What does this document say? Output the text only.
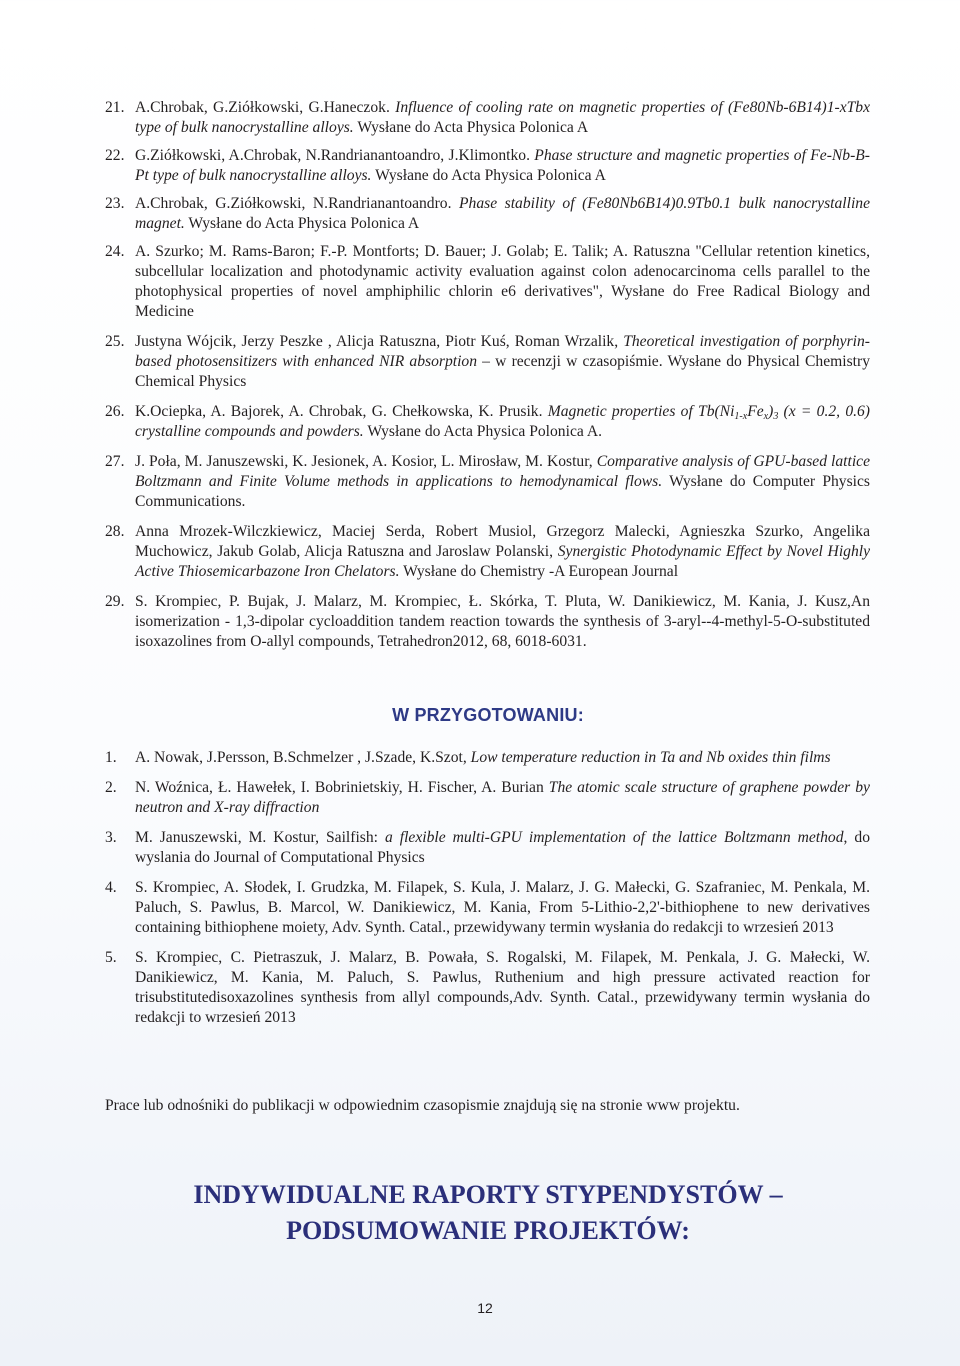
21. A.Chrobak, G.Ziółkowski, G.Haneczok. Influence of cooling rate on magnetic properties of (Fe80Nb-6B14)1-xTbx type of bulk nanocrystalline alloys. Wysłane do Acta Physica Polonica A
22. G.Ziółkowski, A.Chrobak, N.Randrianantoandro, J.Klimontko. Phase structure and magnetic properties of Fe-Nb-B-Pt type of bulk nanocrystalline alloys. Wysłane do Acta Physica Polonica A
23. A.Chrobak, G.Ziółkowski, N.Randrianantoandro. Phase stability of (Fe80Nb6B14)0.9Tb0.1 bulk nanocrystalline magnet. Wysłane do Acta Physica Polonica A
24. A. Szurko; M. Rams-Baron; F.-P. Montforts; D. Bauer; J. Golab; E. Talik; A. Ratuszna "Cellular retention kinetics, subcellular localization and photodynamic activity evaluation against colon adenocarcinoma cells parallel to the photophysical properties of novel amphiphilic chlorin e6 derivatives", Wysłane do Free Radical Biology and Medicine
25. Justyna Wójcik, Jerzy Peszke , Alicja Ratuszna, Piotr Kuś, Roman Wrzalik, Theoretical investigation of porphyrin-based photosensitizers with enhanced NIR absorption – w recenzji w czasopiśmie. Wysłane do Physical Chemistry Chemical Physics
26. K.Ociepka, A. Bajorek, A. Chrobak, G. Chełkowska, K. Prusik. Magnetic properties of $Tb(Ni_{1-x}Fe_x)_3$ (x = 0.2, 0.6) crystalline compounds and powders. Wysłane do Acta Physica Polonica A.
27. J. Poła, M. Januszewski, K. Jesionek, A. Kosior, L. Mirosław, M. Kostur, Comparative analysis of GPU-based lattice Boltzmann and Finite Volume methods in applications to hemodynamical flows. Wysłane do Computer Physics Communications.
28. Anna Mrozek-Wilczkiewicz, Maciej Serda, Robert Musiol, Grzegorz Malecki, Agnieszka Szurko, Angelika Muchowicz, Jakub Golab, Alicja Ratuszna and Jaroslaw Polanski, Synergistic Photodynamic Effect by Novel Highly Active Thiosemicarbazone Iron Chelators. Wysłane do Chemistry -A European Journal
29. S. Krompiec, P. Bujak, J. Malarz, M. Krompiec, Ł. Skórka, T. Pluta, W. Danikiewicz, M. Kania, J. Kusz,An isomerization - 1,3-dipolar cycloaddition tandem reaction towards the synthesis of 3-aryl--4-methyl-5-O-substituted isoxazolines from O-allyl compounds, Tetrahedron2012, 68, 6018-6031.
W PRZYGOTOWANIU:
1. A. Nowak, J.Persson, B.Schmelzer , J.Szade, K.Szot, Low temperature reduction in Ta and Nb oxides thin films
2. N. Woźnica, Ł. Hawełek, I. Bobrinietskiy, H. Fischer, A. Burian The atomic scale structure of graphene powder by neutron and X-ray diffraction
3. M. Januszewski, M. Kostur, Sailfish: a flexible multi-GPU implementation of the lattice Boltzmann method, do wyslania do Journal of Computational Physics
4. S. Krompiec, A. Słodek, I. Grudzka, M. Filapek, S. Kula, J. Malarz, J. G. Małecki, G. Szafraniec, M. Penkala, M. Paluch, S. Pawlus, B. Marcol, W. Danikiewicz, M. Kania, From 5-Lithio-2,2'-bithiophene to new derivatives containing bithiophene moiety, Adv. Synth. Catal., przewidywany termin wysłania do redakcji to wrzesień 2013
5. S. Krompiec, C. Pietraszuk, J. Malarz, B. Powała, S. Rogalski, M. Filapek, M. Penkala, J. G. Małecki, W. Danikiewicz, M. Kania, M. Paluch, S. Pawlus, Ruthenium and high pressure activated reaction for trisubstitutedisoxazolines synthesis from allyl compounds,Adv. Synth. Catal., przewidywany termin wysłania do redakcji to wrzesień 2013
Prace lub odnośniki do publikacji w odpowiednim czasopismie znajdują się na stronie www projektu.
INDYWIDUALNE RAPORTY STYPENDYSTÓW –
PODSUMOWANIE PROJEKTÓW:
12
